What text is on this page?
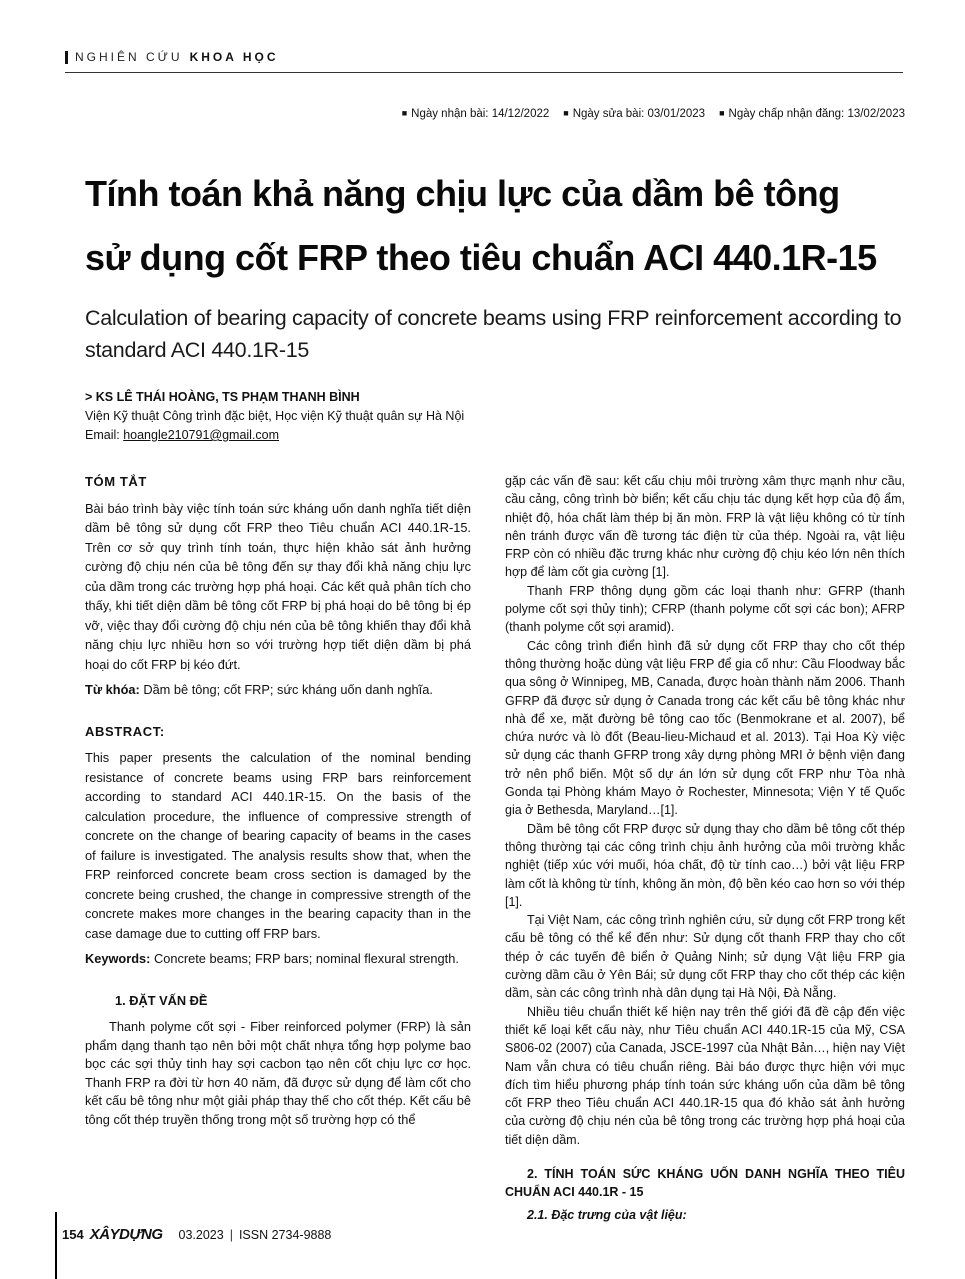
NGHIÊN CỨU KHOA HỌC
■ Ngày nhận bài: 14/12/2022 ■ Ngày sửa bài: 03/01/2023 ■ Ngày chấp nhận đăng: 13/02/2023
Tính toán khả năng chịu lực của dầm bê tông
sử dụng cốt FRP theo tiêu chuẩn ACI 440.1R-15
Calculation of bearing capacity of concrete beams using FRP reinforcement according to standard ACI 440.1R-15
> KS LÊ THÁI HOÀNG, TS PHẠM THANH BÌNH
Viện Kỹ thuật Công trình đặc biệt, Học viện Kỹ thuật quân sự Hà Nội
Email: hoangle210791@gmail.com
TÓM TẮT

Bài báo trình bày việc tính toán sức kháng uốn danh nghĩa tiết diện dầm bê tông sử dụng cốt FRP theo Tiêu chuẩn ACI 440.1R-15. Trên cơ sở quy trình tính toán, thực hiện khảo sát ảnh hưởng cường độ chịu nén của bê tông đến sự thay đổi khả năng chịu lực của dầm trong các trường hợp phá hoại. Các kết quả phân tích cho thấy, khi tiết diện dầm bê tông cốt FRP bị phá hoại do bê tông bị ép vỡ, việc thay đổi cường độ chịu nén của bê tông khiến thay đổi khả năng chịu lực nhiều hơn so với trường hợp tiết diện dầm bị phá hoại do cốt FRP bị kéo đứt.

Từ khóa: Dầm bê tông; cốt FRP; sức kháng uốn danh nghĩa.

ABSTRACT:

This paper presents the calculation of the nominal bending resistance of concrete beams using FRP bars reinforcement according to standard ACI 440.1R-15. On the basis of the calculation procedure, the influence of compressive strength of concrete on the change of bearing capacity of beams in the cases of failure is investigated. The analysis results show that, when the FRP reinforced concrete beam cross section is damaged by the concrete being crushed, the change in compressive strength of the concrete makes more changes in the bearing capacity than in the case damage due to cutting off FRP bars.

Keywords: Concrete beams; FRP bars; nominal flexural strength.

1. ĐẶT VẤN ĐỀ

Thanh polyme cốt sợi - Fiber reinforced polymer (FRP) là sản phẩm dạng thanh tạo nên bởi một chất nhựa tổng hợp polyme bao bọc các sợi thủy tinh hay sợi cacbon tạo nên cốt chịu lực cơ học. Thanh FRP ra đời từ hơn 40 năm, đã được sử dụng để làm cốt cho kết cấu bê tông như một giải pháp thay thế cho cốt thép. Kết cấu bê tông cốt thép truyền thống trong một số trường hợp có thể

gặp các vấn đề sau: kết cấu chịu môi trường xâm thực mạnh như cầu, cầu cảng, công trình bờ biển; kết cấu chịu tác dụng kết hợp của độ ẩm, nhiệt độ, hóa chất làm thép bị ăn mòn. FRP là vật liệu không có từ tính nên tránh được vấn đề tương tác điện từ của thép. Ngoài ra, vật liệu FRP còn có nhiều đặc trưng khác như cường độ chịu kéo lớn nên thích hợp để làm cốt gia cường [1].

Thanh FRP thông dụng gồm các loại thanh như: GFRP (thanh polyme cốt sợi thủy tinh); CFRP (thanh polyme cốt sợi các bon); AFRP (thanh polyme cốt sợi aramid).

Các công trình điển hình đã sử dụng cốt FRP thay cho cốt thép thông thường hoặc dùng vật liệu FRP để gia cố như: Cầu Floodway bắc qua sông ở Winnipeg, MB, Canada, được hoàn thành năm 2006. Thanh GFRP đã được sử dụng ở Canada trong các kết cấu bê tông khác như nhà để xe, mặt đường bê tông cao tốc (Benmokrane et al. 2007), bể chứa nước và lò đốt (Beau-lieu-Michaud et al. 2013). Tại Hoa Kỳ việc sử dụng các thanh GFRP trong xây dựng phòng MRI ở bệnh viện đang trở nên phổ biến. Một số dự án lớn sử dụng cốt FRP như Tòa nhà Gonda tại Phòng khám Mayo ở Rochester, Minnesota; Viện Y tế Quốc gia ở Bethesda, Maryland…[1].

Dầm bê tông cốt FRP được sử dụng thay cho dầm bê tông cốt thép thông thường tại các công trình chịu ảnh hưởng của môi trường khắc nghiệt (tiếp xúc với muối, hóa chất, độ từ tính cao…) bởi vật liệu FRP làm cốt là không từ tính, không ăn mòn, độ bền kéo cao hơn so với thép [1].

Tại Việt Nam, các công trình nghiên cứu, sử dụng cốt FRP trong kết cấu bê tông có thể kể đến như: Sử dụng cốt thanh FRP thay cho cốt thép ở các tuyến đê biển ở Quảng Ninh; sử dụng Vật liệu FRP gia cường dầm cầu ở Yên Bái; sử dụng cốt FRP thay cho cốt thép các kiện dầm, sàn các công trình nhà dân dụng tại Hà Nội, Đà Nẵng.

Nhiều tiêu chuẩn thiết kế hiện nay trên thế giới đã đề cập đến việc thiết kế loại kết cấu này, như Tiêu chuẩn ACI 440.1R-15 của Mỹ, CSA S806-02 (2007) của Canada, JSCE-1997 của Nhật Bản…, hiện nay Việt Nam vẫn chưa có tiêu chuẩn riêng. Bài báo được thực hiện với mục đích tìm hiểu phương pháp tính toán sức kháng uốn của dầm bê tông cốt FRP theo Tiêu chuẩn ACI 440.1R-15 qua đó khảo sát ảnh hưởng của cường độ chịu nén của bê tông trong các trường hợp phá hoại của tiết diện dầm.

2. TÍNH TOÁN SỨC KHÁNG UỐN DANH NGHĨA THEO TIÊU CHUẨN ACI 440.1R - 15

2.1. Đặc trưng của vật liệu:

154 XÂYDỰNG 03.2023 | ISSN 2734-9888
